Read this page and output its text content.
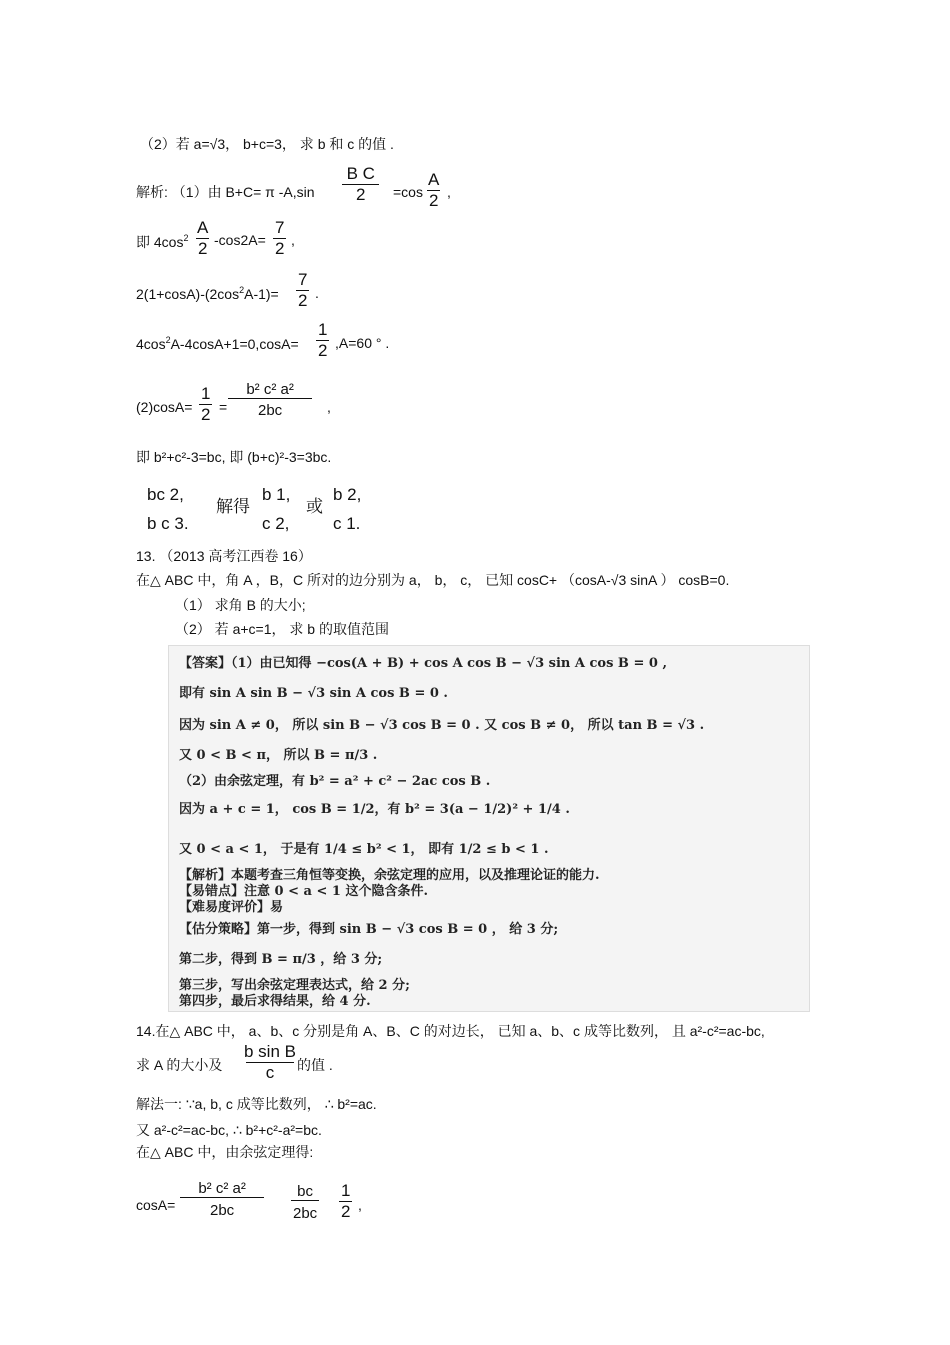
（2）若 a=√3， b+c=3， 求 b 和 c 的值 .
解析: （1）由 B+C= π $-A,\sin \frac{\text{B C}}{2} =\cos \frac{A}{2}$ ,
即 $4\cos^2 \frac{A}{2} -\cos 2A= \frac{7}{2}$ ,
$2(1+\cos A)-(2\cos^2A-1)= \frac{7}{2}$ .
$4\cos^2A-4\cos A+1=0,\cos A= \frac{1}{2} ,A=60$ ° .
$(2)\cos A= \frac{1}{2} = \frac{\text{b² c² a²}}{2bc}$ ,
即 b²+c²-3=bc, 即 (b+c)²-3=3bc.
bc 2,
b c 3.
解得
b 1,
c 2,
或
b 2,
c 1.
13. （2013 高考江西卷 16）
在△ ABC 中，角 A ，B，C 所对的边分别为 a， b， c， 已知 cosC+ （cosA-√3 sinA ） cosB=0.
（1） 求角 B 的大小;
（2） 若 a+c=1， 求 b 的取值范围
【答案】（1）由已知得 −cos(A + B) + cos A cos B − √3 sin A cos B = 0 ,
即有 sin A sin B − √3 sin A cos B = 0 .
因为 sin A ≠ 0， 所以 sin B − √3 cos B = 0 . 又 cos B ≠ 0， 所以 tan B = √3 .
又 0 < B < π， 所以 B = π/3 .
（2）由余弦定理，有 b² = a² + c² − 2ac cos B .
因为 a + c = 1， cos B = 1/2，有 b² = 3(a − 1/2)² + 1/4 .
又 0 < a < 1， 于是有 1/4 ≤ b² < 1， 即有 1/2 ≤ b < 1 .
【解析】本题考查三角恒等变换，余弦定理的应用，以及推理论证的能力.
【易错点】注意 0 < a < 1 这个隐含条件.
【难易度评价】易
【估分策略】第一步，得到 sin B − √3 cos B = 0 ， 给 3 分;
第二步，得到 B = π/3 ，给 3 分;
第三步，写出余弦定理表达式，给 2 分;
第四步，最后求得结果，给 4 分.
14.在△ ABC 中， a、b、c 分别是角 A、B、C 的对边长， 已知 a、b、c 成等比数列， 且 a²-c²=ac-bc,
求 A 的大小及 $\frac{\text{b sin B}}{c}$ 的值 .
解法一: ∵a, b, c 成等比数列， ∴ b²=ac.
又 a²-c²=ac-bc, ∴ b²+c²-a²=bc.
在△ ABC 中，由余弦定理得:
$\cos A= \frac{\text{b² c² a²}}{2bc} \frac{bc}{2bc} \frac{1}{2}$ ,
